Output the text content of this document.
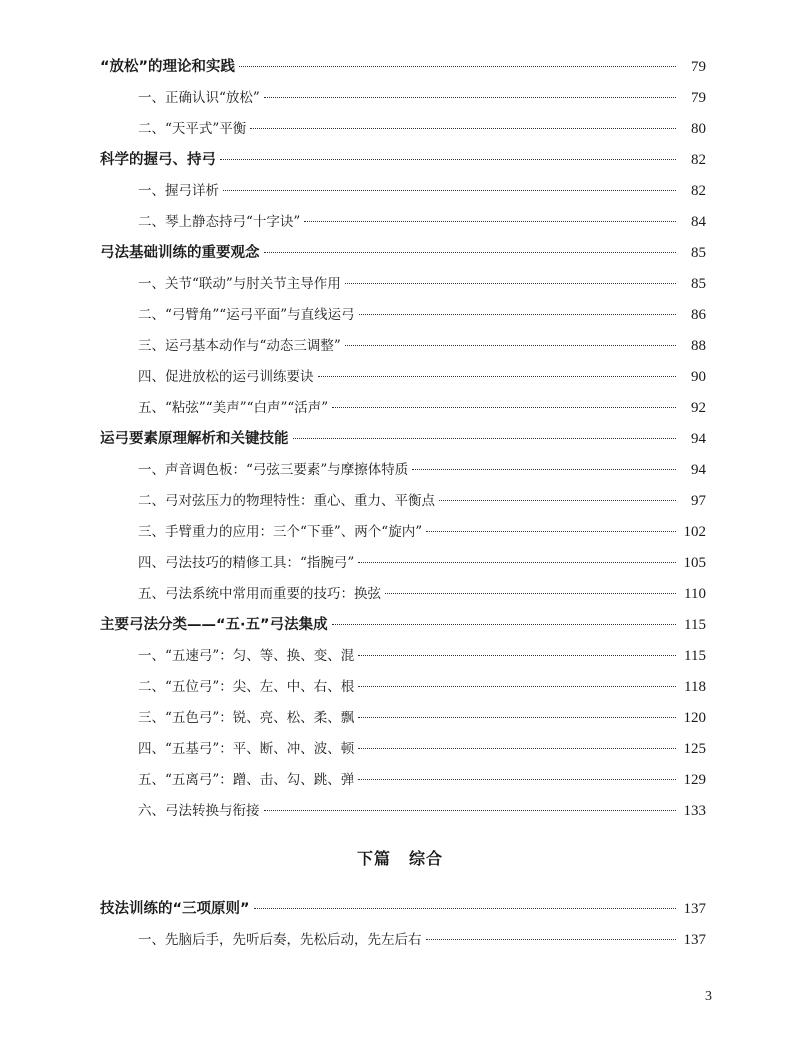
“放松”的理论和实践	79
一、正确认识“放松”	79
二、“天平式”平衡	80
科学的握弓、持弓	82
一、握弓详析	82
二、琴上静态持弓“十字诀”	84
弓法基础训练的重要观念	85
一、关节“联动”与肘关节主导作用	85
二、“弓臂角”“运弓平面”与直线运弓	86
三、运弓基本动作与“动态三调整”	88
四、促进放松的运弓训练要诀	90
五、“粘弦”“美声”“白声”“活声”	92
运弓要素原理解析和关键技能	94
一、声音调色板：“弓弦三要素”与摩擦体特质	94
二、弓对弦压力的物理特性：重心、重力、平衡点	97
三、手臂重力的应用：三个“下垂”、两个“旋内”	102
四、弓法技巧的精修工具：“指腕弓”	105
五、弓法系统中常用而重要的技巧：换弦	110
主要弓法分类——“五·五”弓法集成	115
一、“五速弓”：匀、等、换、变、混	115
二、“五位弓”：尖、左、中、右、根	118
三、“五色弓”：锐、亮、松、柔、飘	120
四、“五基弓”：平、断、冲、波、顿	125
五、“五离弓”：蹭、击、勾、跳、弹	129
六、弓法转换与衔接	133
下篇 综合
技法训练的“三项原则”	137
一、先脑后手，先听后奏，先松后动，先左后右	137
3
